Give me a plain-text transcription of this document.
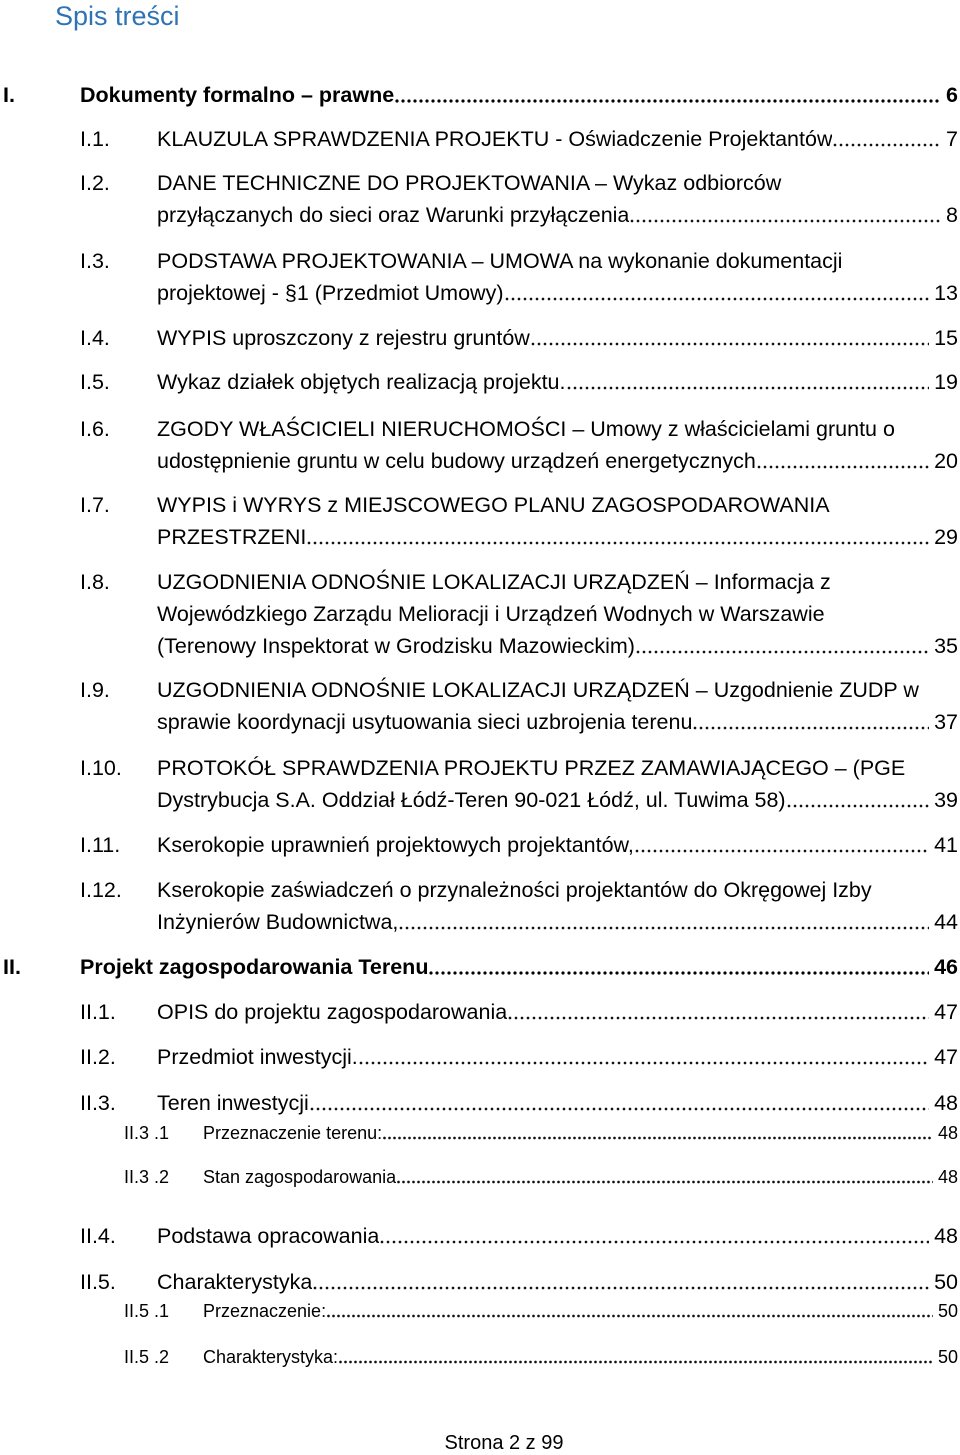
Spis treści
I.	Dokumenty formalno – prawne	6
I.1. KLAUZULA SPRAWDZENIA PROJEKTU - Oświadczenie Projektantów	7
I.2. DANE TECHNICZNE DO PROJEKTOWANIA – Wykaz odbiorców
przyłączanych do sieci oraz Warunki przyłączenia	8
I.3. PODSTAWA PROJEKTOWANIA – UMOWA na wykonanie dokumentacji
projektowej - §1 (Przedmiot Umowy)	13
I.4. WYPIS uproszczony z rejestru gruntów	15
I.5. Wykaz działek objętych realizacją projektu.	19
I.6. ZGODY WŁAŚCICIELI NIERUCHOMOŚCI – Umowy z właścicielami gruntu o
udostępnienie gruntu w celu budowy urządzeń energetycznych	20
I.7. WYPIS i WYRYS z MIEJSCOWEGO PLANU ZAGOSPODAROWANIA
PRZESTRZENI	29
I.8. UZGODNIENIA ODNOŚNIE LOKALIZACJI URZĄDZEŃ – Informacja z
Wojewódzkiego Zarządu Melioracji i Urządzeń Wodnych w Warszawie
(Terenowy Inspektorat w Grodzisku Mazowieckim)	35
I.9. UZGODNIENIA ODNOŚNIE LOKALIZACJI URZĄDZEŃ – Uzgodnienie ZUDP w
sprawie koordynacji usytuowania sieci uzbrojenia terenu	37
I.10. PROTOKÓŁ SPRAWDZENIA PROJEKTU PRZEZ ZAMAWIAJĄCEGO – (PGE
Dystrybucja S.A. Oddział Łódź-Teren 90-021 Łódź, ul. Tuwima 58)	39
I.11. Kserokopie uprawnień projektowych projektantów,	41
I.12. Kserokopie zaświadczeń o przynależności projektantów do Okręgowej Izby
Inżynierów Budownictwa,	44
II.	Projekt zagospodarowania Terenu	46
II.1. OPIS do projektu zagospodarowania	47
II.2. Przedmiot inwestycji.	47
II.3. Teren inwestycji	48
II.3 .1 Przeznaczenie terenu:	48
II.3 .2 Stan zagospodarowania	48
II.4. Podstawa opracowania	48
II.5. Charakterystyka	50
II.5 .1 Przeznaczenie:	50
II.5 .2 Charakterystyka:	50
Strona 2 z 99
